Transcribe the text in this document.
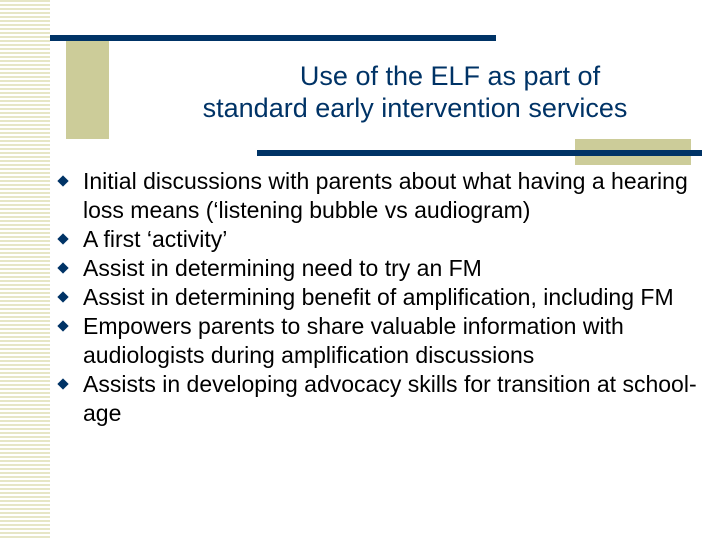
Use of the ELF as part of
standard early intervention services
Initial discussions with parents about what having a hearing loss means (‘listening bubble vs audiogram)
A first ‘activity’
Assist in determining need to try an FM
Assist in determining benefit of amplification, including FM
Empowers parents to share valuable information with audiologists during amplification discussions
Assists in developing advocacy skills for transition at school-age
